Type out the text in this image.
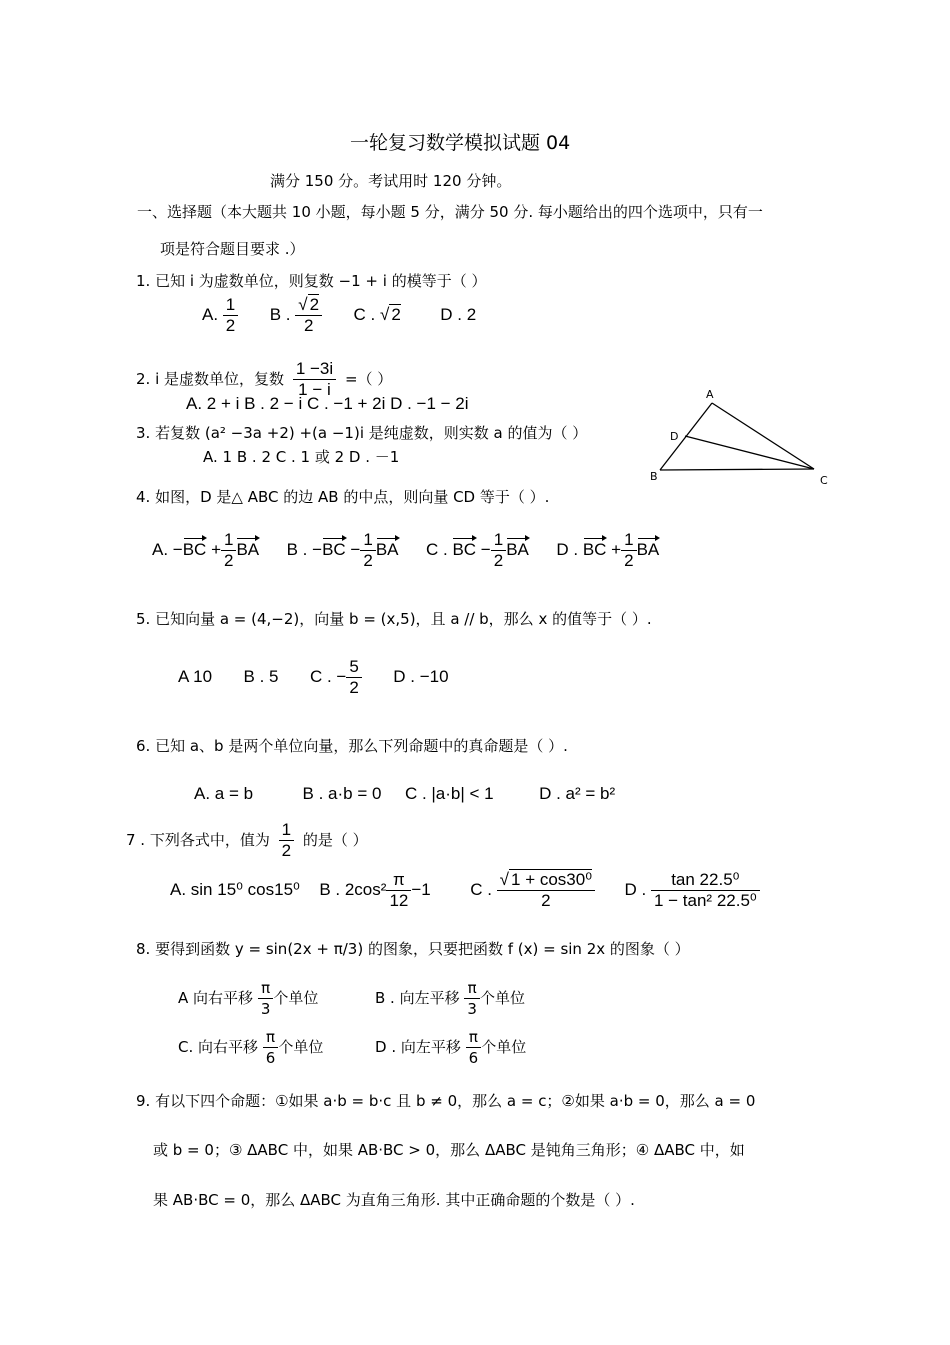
一轮复习数学模拟试题 04
满分 150 分。考试用时 120 分钟。
一、选择题（本大题共 10 小题，每小题 5 分，满分 50 分. 每小题给出的四个选项中，只有一
项是符合题目要求 .）
1. 已知 i 为虚数单位，则复数 −1 + i 的模等于（ ）
A. $\frac{1}{2}$ B . $\frac{√ 2}{2}$ C . √ 2 D . 2
2. i 是虚数单位，复数 $\frac{1 -3i}{1 - i}$ =（ ）
A. 2 + i B . 2 − i C . −1 + 2i D . −1 − 2i
3. 若复数 (a² −3a +2) +(a −1)i 是纯虚数，则实数 a 的值为（ ）
A. 1 B . 2 C . 1 或 2 D . －1
A
D
B	C
4. 如图，D 是△ ABC 的边 AB 的中点，则向量 CD 等于（ ）.
A. $-BC + \frac{1}{2}$ BA B . $-BC - \frac{1}{2}$ BA C . BC − $\frac{1}{2}$ BA D . BC + $\frac{1}{2}$ BA
5. 已知向量 a = (4,−2)，向量 b = (x,5)，且 a // b，那么 x 的值等于（ ）.
A 10 B . 5 C . − $\frac{5}{2}$ D . −10
6. 已知 a、b 是两个单位向量，那么下列命题中的真命题是（ ）.
A. a = b	B . a·b = 0 C . |a·b| < 1	D . a² = b²
7 . 下列各式中，值为 $\frac{1}{2}$ 的是（ ）
A. sin 15⁰ cos15⁰ B . $2\cos^2 \frac{\pi}{12} -1$  C . $\frac{\text{√ 1 + cos30⁰}}{2}$ D . $\frac{\text{tan 22.5⁰}}{\text{1 − tan² 22.5⁰}}$
8. 要得到函数 y = sin(2x + π/3) 的图象，只要把函数 f (x) = sin 2x 的图象（ ）
A 向右平移 $\frac{\pi}{3}$ 个单位	B . 向左平移 $\frac{\pi}{3}$ 个单位
C. 向右平移 $\frac{\pi}{6}$ 个单位	D . 向左平移 $\frac{\pi}{6}$ 个单位
9. 有以下四个命题：①如果 a·b = b·c 且 b ≠ 0，那么 a = c；②如果 a·b = 0，那么 a = 0
或 b = 0；③ ΔABC 中，如果 AB·BC > 0，那么 ΔABC 是钝角三角形；④ ΔABC 中，如
果 AB·BC = 0，那么 ΔABC 为直角三角形. 其中正确命题的个数是（ ）.
